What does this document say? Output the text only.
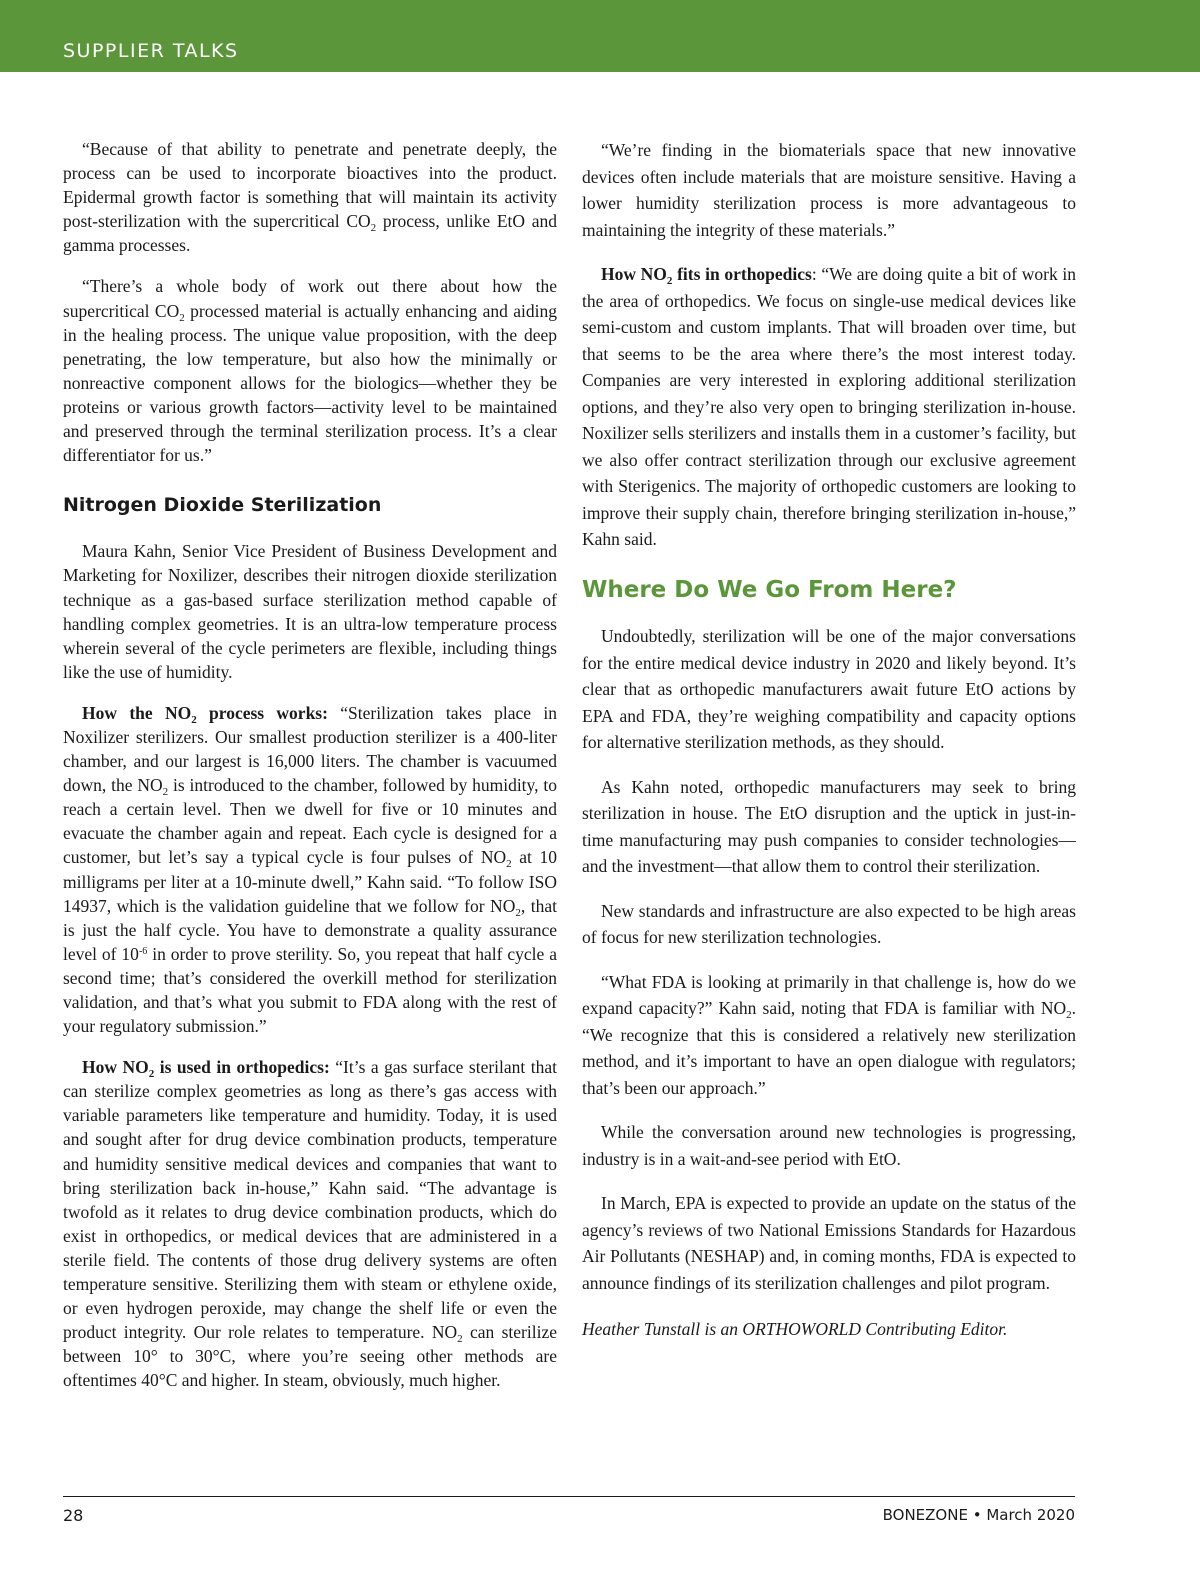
SUPPLIER TALKS

“Because of that ability to penetrate and penetrate deeply, the process can be used to incorporate bioactives into the product. Epidermal growth factor is something that will maintain its activity post-sterilization with the supercritical $CO_2$ process, unlike EtO and gamma processes.

“There’s a whole body of work out there about how the supercritical $CO_2$ processed material is actually enhancing and aiding in the healing process. The unique value proposition, with the deep penetrating, the low temperature, but also how the minimally or nonreactive component allows for the biologics—whether they be proteins or various growth factors—activity level to be maintained and preserved through the terminal sterilization process. It’s a clear differentiator for us.”

Nitrogen Dioxide Sterilization

Maura Kahn, Senior Vice President of Business Development and Marketing for Noxilizer, describes their nitrogen dioxide sterilization technique as a gas-based surface sterilization method capable of handling complex geometries. It is an ultra-low temperature process wherein several of the cycle perimeters are flexible, including things like the use of humidity.

How the $NO_2$ process works: “Sterilization takes place in Noxilizer sterilizers. Our smallest production sterilizer is a 400-liter chamber, and our largest is 16,000 liters. The chamber is vacuumed down, the $NO_2$ is introduced to the chamber, followed by humidity, to reach a certain level. Then we dwell for five or 10 minutes and evacuate the chamber again and repeat. Each cycle is designed for a customer, but let’s say a typical cycle is four pulses of $NO_2$ at 10 milligrams per liter at a 10-minute dwell,” Kahn said. “To follow ISO 14937, which is the validation guideline that we follow for $NO_2$, that is just the half cycle. You have to demonstrate a quality assurance level of $10^{-6}$ in order to prove sterility. So, you repeat that half cycle a second time; that’s considered the overkill method for sterilization validation, and that’s what you submit to FDA along with the rest of your regulatory submission.”

How $NO_2$ is used in orthopedics: “It’s a gas surface sterilant that can sterilize complex geometries as long as there’s gas access with variable parameters like temperature and humidity. Today, it is used and sought after for drug device combination products, temperature and humidity sensitive medical devices and companies that want to bring sterilization back in-house,” Kahn said. “The advantage is twofold as it relates to drug device combination products, which do exist in orthopedics, or medical devices that are administered in a sterile field. The contents of those drug delivery systems are often temperature sensitive. Sterilizing them with steam or ethylene oxide, or even hydrogen peroxide, may change the shelf life or even the product integrity. Our role relates to temperature. $NO_2$ can sterilize between 10° to 30°C, where you’re seeing other methods are oftentimes 40°C and higher. In steam, obviously, much higher.

“We’re finding in the biomaterials space that new innovative devices often include materials that are moisture sensitive. Having a lower humidity sterilization process is more advantageous to maintaining the integrity of these materials.”

How $NO_2$ fits in orthopedics: “We are doing quite a bit of work in the area of orthopedics. We focus on single-use medical devices like semi-custom and custom implants. That will broaden over time, but that seems to be the area where there’s the most interest today. Companies are very interested in exploring additional sterilization options, and they’re also very open to bringing sterilization in-house. Noxilizer sells sterilizers and installs them in a customer’s facility, but we also offer contract sterilization through our exclusive agreement with Sterigenics. The majority of orthopedic customers are looking to improve their supply chain, therefore bringing sterilization in-house,” Kahn said.

Where Do We Go From Here?

Undoubtedly, sterilization will be one of the major conversations for the entire medical device industry in 2020 and likely beyond. It’s clear that as orthopedic manufacturers await future EtO actions by EPA and FDA, they’re weighing compatibility and capacity options for alternative sterilization methods, as they should.

As Kahn noted, orthopedic manufacturers may seek to bring sterilization in house. The EtO disruption and the uptick in just-in-time manufacturing may push companies to consider technologies—and the investment—that allow them to control their sterilization.

New standards and infrastructure are also expected to be high areas of focus for new sterilization technologies.

“What FDA is looking at primarily in that challenge is, how do we expand capacity?” Kahn said, noting that FDA is familiar with $NO_2$. “We recognize that this is considered a relatively new sterilization method, and it’s important to have an open dialogue with regulators; that’s been our approach.”

While the conversation around new technologies is progressing, industry is in a wait-and-see period with EtO.

In March, EPA is expected to provide an update on the status of the agency’s reviews of two National Emissions Standards for Hazardous Air Pollutants (NESHAP) and, in coming months, FDA is expected to announce findings of its sterilization challenges and pilot program.

Heather Tunstall is an ORTHOWORLD Contributing Editor.

28	BONEZONE • March 2020
